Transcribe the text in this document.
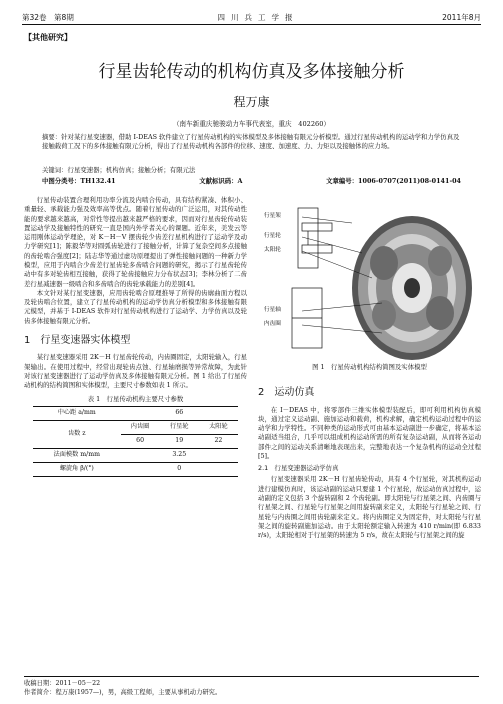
第32卷　第8期	四川兵工学报	2011年8月
【其他研究】
行星齿轮传动的机构仿真及多体接触分析
程万康
（南车新重庆驰骏动力车事代表室，重庆　402260）
摘要：针对某行星变速器，借助 I-DEAS 软件建立了行星传动机构的实体模型及多体接触有限元分析模型。通过行星传动机构的运动学和力学仿真及接触载荷工况下的多体接触有限元分析，得出了行星传动机构各部件的位移、速度、加速度、力、力矩以及接触体的应力场。
关键词：行星变速器；机构仿真；接触分析；有限元法
中图分类号：TH132.41	文献标识码：A	文章编号：1006-0707(2011)08-0141-04

行星传动装置合理利用功率分流及内啮合传动，具有结构紧凑、体积小、重量轻、承载能力强及效率高等优点。随着行星传动的广泛运用，对其传动性能的要求越来越高，对常性等提出越来越严格的要求，因而对行星齿轮传动装置运动学及接触特性的研究一直是国内外学者关心的课题。近年来，美发云等运用刚体运动学理论，对 K－H－V 摆齿轮少齿差行星机构进行了运动学及动力学研究[1]；陈毅华等对圆弧齿轮进行了接触分析，计算了复杂空间多点接触的齿轮啮合强度[2]；陆志华等通过虚功原理提出了弹性接触问题的一种新力学模型，应用于内啮合少齿差行星齿轮多齿啮合问题的研究，揭示了行星齿轮传动中有多对轮齿相互接触，获得了轮齿接触应力分布状态[3]；李林分析了二齿差行星减速器一级啮合和多齿啮合的齿轮承载能力的差别[4]。

本文针对某行星变速器，应用齿轮啮合原理推导了所得的齿廓曲面方程以及轮齿啮合位置，建立了行星传动机构的运动学仿真分析模型和多体接触有限元模型，并基于 I-DEAS 软件对行星传动机构进行了运动学、力学仿真以及轮齿多体接触有限元分析。

1　行星变速器实体模型

某行星变速器采用 2K－H 行星齿轮传动，内齿圈固定，太阳轮输入，行星架输出。在使用过程中，经常出现轮齿点蚀、行星轴磨损等异常故障，为此针对该行星变速器进行了运动学仿真及多体接触有限元分析。图 1 给出了行星传动机构的结构简图和实体模型，主要尺寸参数如表 1 所示。

表 1　行星传动机构主要尺寸参数
中心距 a/mm	66		
齿数 z	内齿圈	行星轮	太阳轮
	60	19	22
法面模数 m/mm	3.25		
螺旋角 β/(°)	0		
行星架
行星轮
太阳轮
行星轴
内齿圈
图 1　行星传动机构结构简图及实体模型
2　运动仿真

在 I－DEAS 中，将零部件三维实体模型装配后，即可利用机构仿真模块，通过定义运动副、施加运动和载荷，机构求解，确定机构运动过程中的运动学和力学特性。不同种类的运动形式可由基本运动副进一步确定，将基本运动副适当组合，几乎可以组成机构运动所需的所有复杂运动副，从而将各运动部件之间的运动关系清晰地表现出来，完整地表达一个复杂机构的运动全过程[5]。

2.1　行星变速器运动学仿真

行星变速器采用 2K－H 行星齿轮传动，具有 4 个行星轮，对其机构运动进行建模仿真时，该运动副的运动只要建 1 个行星轮，故运动仿真过程中，运动副的定义包括 3 个旋转副和 2 个齿轮副。即太阳轮与行星架之间、内齿圈与行星架之间、行星轮与行星架之间用旋转副来定义，太阳轮与行星轮之间、行星轮与内齿圈之间用齿轮副来定义。将内齿圈定义为固定件，对太阳轮与行星架之间的旋转副施加运动。由于太阳轮额定输入转速为 410 r/min(即 6.833 r/s)，太阳轮相对于行星架的转速为 5 r/s，故在太阳轮与行星架之间的旋

收稿日期：2011－05－22
作者简介：程万康(1957—)，男，高级工程师，主要从事机动力研究。
